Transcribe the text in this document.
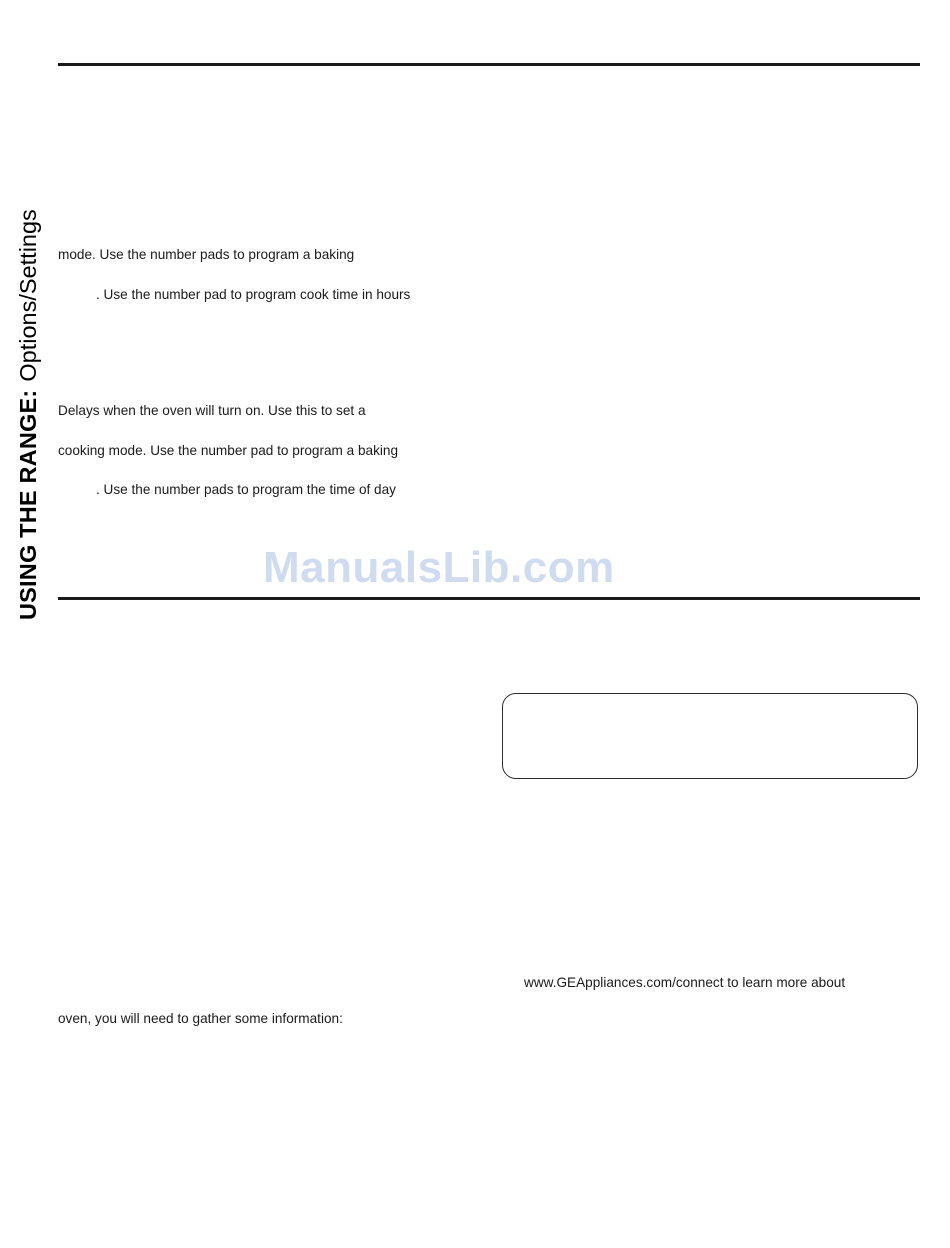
USING THE RANGE:
Options/Settings mode. Use the number pads to program a baking
. Use the number pad to program cook time in hours
Delays when the oven will turn on. Use this to set a
cooking mode. Use the number pad to program a baking
. Use the number pads to program the time of day
www.GEAppliances.com/connect to learn more about
oven, you will need to gather some information:
ManualsLib.com
